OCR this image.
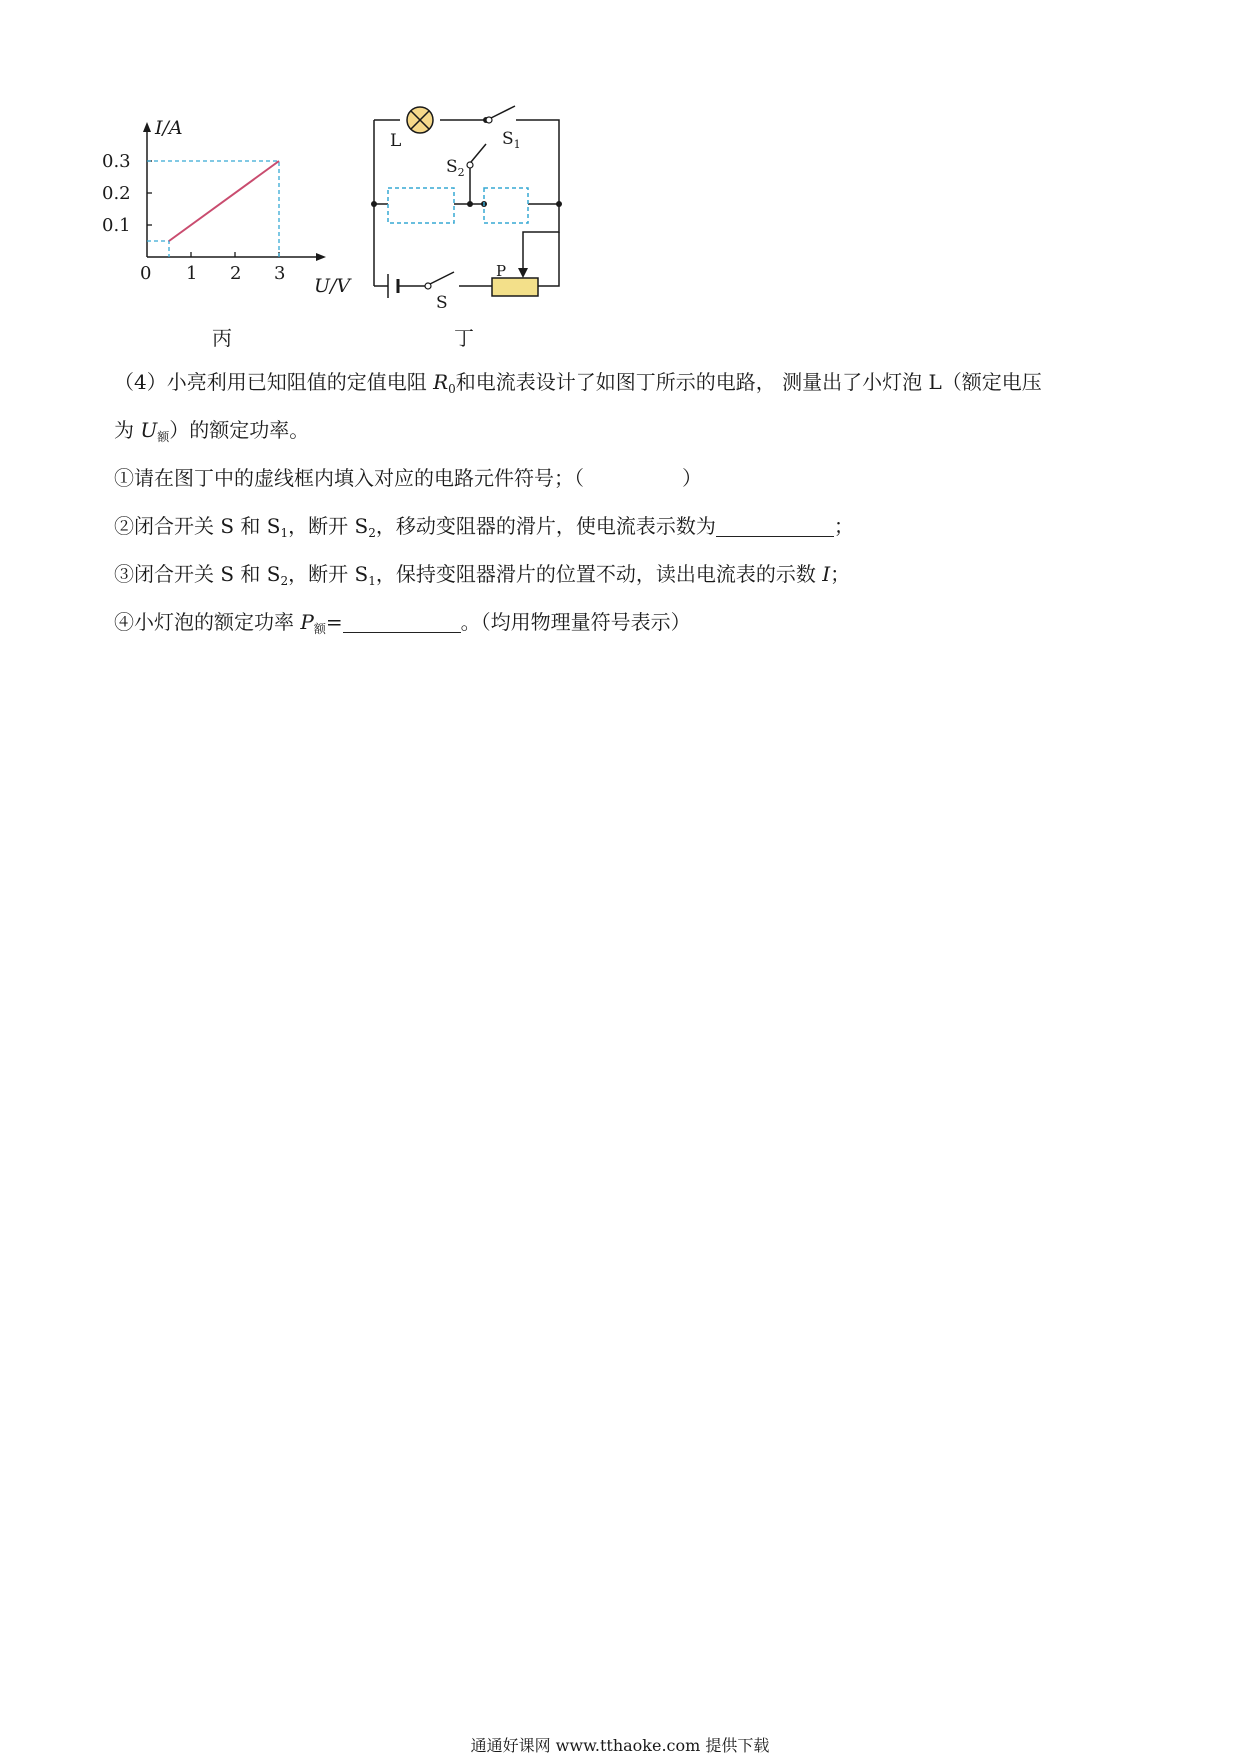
I/A
U/V
0 1 2 3
0.3
0.2
0.1
丙
L	$S_1$
$S_2$
S
P
丁
（4）小亮利用已知阻值的定值电阻 $R_0$和电流表设计了如图丁所示的电路， 测量出了小灯泡 L（额定电压
为 $U_额$）的额定功率。
①请在图丁中的虚线框内填入对应的电路元件符号；（	）
②闭合开关 S 和 $S_1$，断开 $S_2$，移动变阻器的滑片，使电流表示数为	；
③闭合开关 S 和 $S_2$，断开 $S_1$，保持变阻器滑片的位置不动，读出电流表的示数 I；
④小灯泡的额定功率 $P_额=$	。（均用物理量符号表示）
通通好课网 www.tthaoke.com 提供下载
